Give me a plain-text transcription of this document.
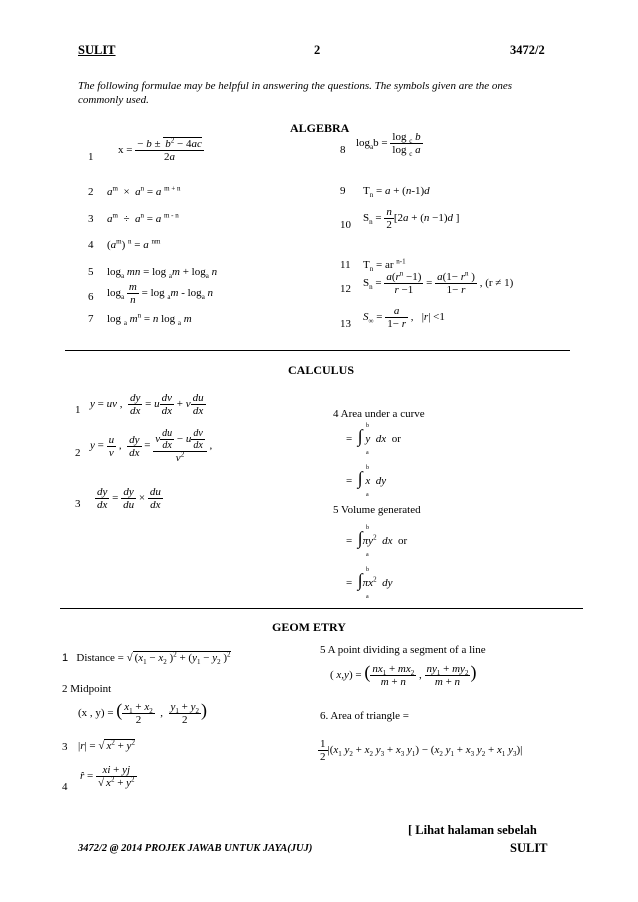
SULIT	2	3472/2
The following formulae may be helpful in answering the questions. The symbols given are the ones commonly used.
ALGEBRA
1
$x = \frac{- b \pm b^2 - 4ac}{2a}$
2 $a^m \times a^n = a$ $^{m + n}$
3 $a^m \div a^n = a$ $^{m - n}$
4 $(a^m) ^n = a$ $^{nm}$
5 $\log_a$ mn = $\log _am + \log_a n$
6 $\log_a \frac{m}{n} = \log _am - \log_a n$
7 log $_a$ $m^n = n$ log $_a$ m
8
$\log_ab = \frac{\log _c b}{\log _c a}$
9 $T_n = a + (n-1)d$
10
$S_n = \frac{n}{2} [2a + (n -1)d$ ]
11 $T_n$ = ar $^{n-1}$
12 $S_n = \frac{a(r^n -1)}{r -1} = \frac{a(1- r^n )}{1- r}$ , (r ≠ 1)
13
$S_\infty = \frac{a}{1- r}$ ,   |r| <1
CALCULUS
1 y = uv , $\frac{dy}{dx} = u \frac{dv}{dx} + v \frac{du}{dx}$
2
$y = \frac{u}{v}$ , $\frac{dy}{dx} = \frac{v \frac{du}{dx} - u \frac{dv}{dx}}{v^2}$ ,
$3 \frac{dy}{dx} = \frac{dy}{du} \times \frac{du}{dx}$
4 Area under a curve
=  ∫ y dx or
b
a
=  ∫ x dy
b
a
5 Volume generated
=  $\int\pi y^2$ dx or
b
a
=  $\int\pi x^2$ dy
b
a
GEOM ETRY
1 Distance = √ ($x_1 - x_2$ )$^2 + (y_1 - y_2$ )$^2$
2 Midpoint
(x , y) = ( $\frac{x_1 + x_2}{2}$ , $\frac{y_1 + y_2}{2}$ )
3 |r| = √ $x^2 + y^2$
4
r̂ = $\frac{xi + yj}{√ x^2 + y^2}$
5 A point dividing a segment of a line
( x,y) = ( $\frac{nx_1 + mx_2}{m + n}$ , $\frac{ny_1 + my_2}{m + n}$ )
6. Area of triangle =
$\frac{1}{2} |(x_1$ $y_2 + x_2$ $y_3 + x_3$ $y_1) - (x_2$ $y_1 + x_3$ $y_2 + x_1$ $y_3)|$
[ Lihat halaman sebelah
3472/2 @ 2014 PROJEK JAWAB UNTUK JAYA(JUJ)	SULIT
